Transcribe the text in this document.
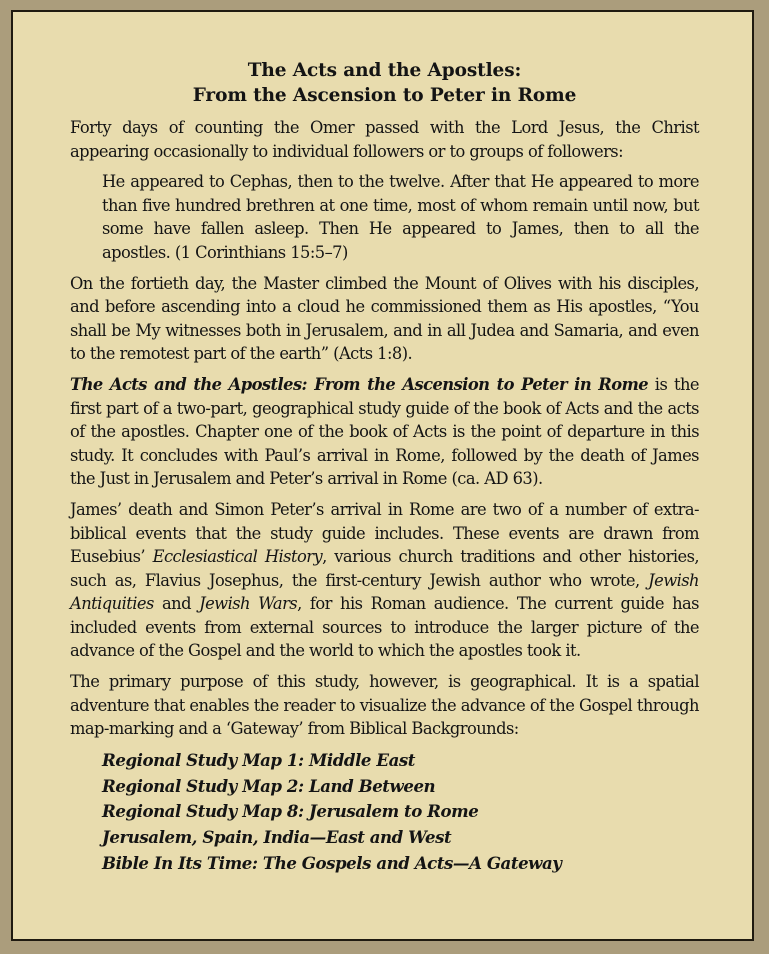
The Acts and the Apostles:
From the Ascension to Peter in Rome

Forty days of counting the Omer passed with the Lord Jesus, the Christ appearing occasionally to individual followers or to groups of followers:

He appeared to Cephas, then to the twelve. After that He appeared to more than five hundred brethren at one time, most of whom remain until now, but some have fallen asleep. Then He appeared to James, then to all the apostles. (1 Corinthians 15:5–7)

On the fortieth day, the Master climbed the Mount of Olives with his disciples, and before ascending into a cloud he commissioned them as His apostles, “You shall be My witnesses both in Jerusalem, and in all Judea and Samaria, and even to the remotest part of the earth” (Acts 1:8).

The Acts and the Apostles: From the Ascension to Peter in Rome is the first part of a two-part, geographical study guide of the book of Acts and the acts of the apostles. Chapter one of the book of Acts is the point of departure in this study. It concludes with Paul’s arrival in Rome, followed by the death of James the Just in Jerusalem and Peter’s arrival in Rome (ca. AD 63).

James’ death and Simon Peter’s arrival in Rome are two of a number of extra-biblical events that the study guide includes. These events are drawn from Eusebius’ Ecclesiastical History, various church traditions and other histories, such as, Flavius Josephus, the first-century Jewish author who wrote, Jewish Antiquities and Jewish Wars, for his Roman audience. The current guide has included events from external sources to introduce the larger picture of the advance of the Gospel and the world to which the apostles took it.

The primary purpose of this study, however, is geographical. It is a spatial adventure that enables the reader to visualize the advance of the Gospel through map-marking and a ‘Gateway’ from Biblical Backgrounds:

Regional Study Map 1: Middle East
Regional Study Map 2: Land Between
Regional Study Map 8: Jerusalem to Rome
Jerusalem, Spain, India—East and West
Bible In Its Time: The Gospels and Acts—A Gateway
